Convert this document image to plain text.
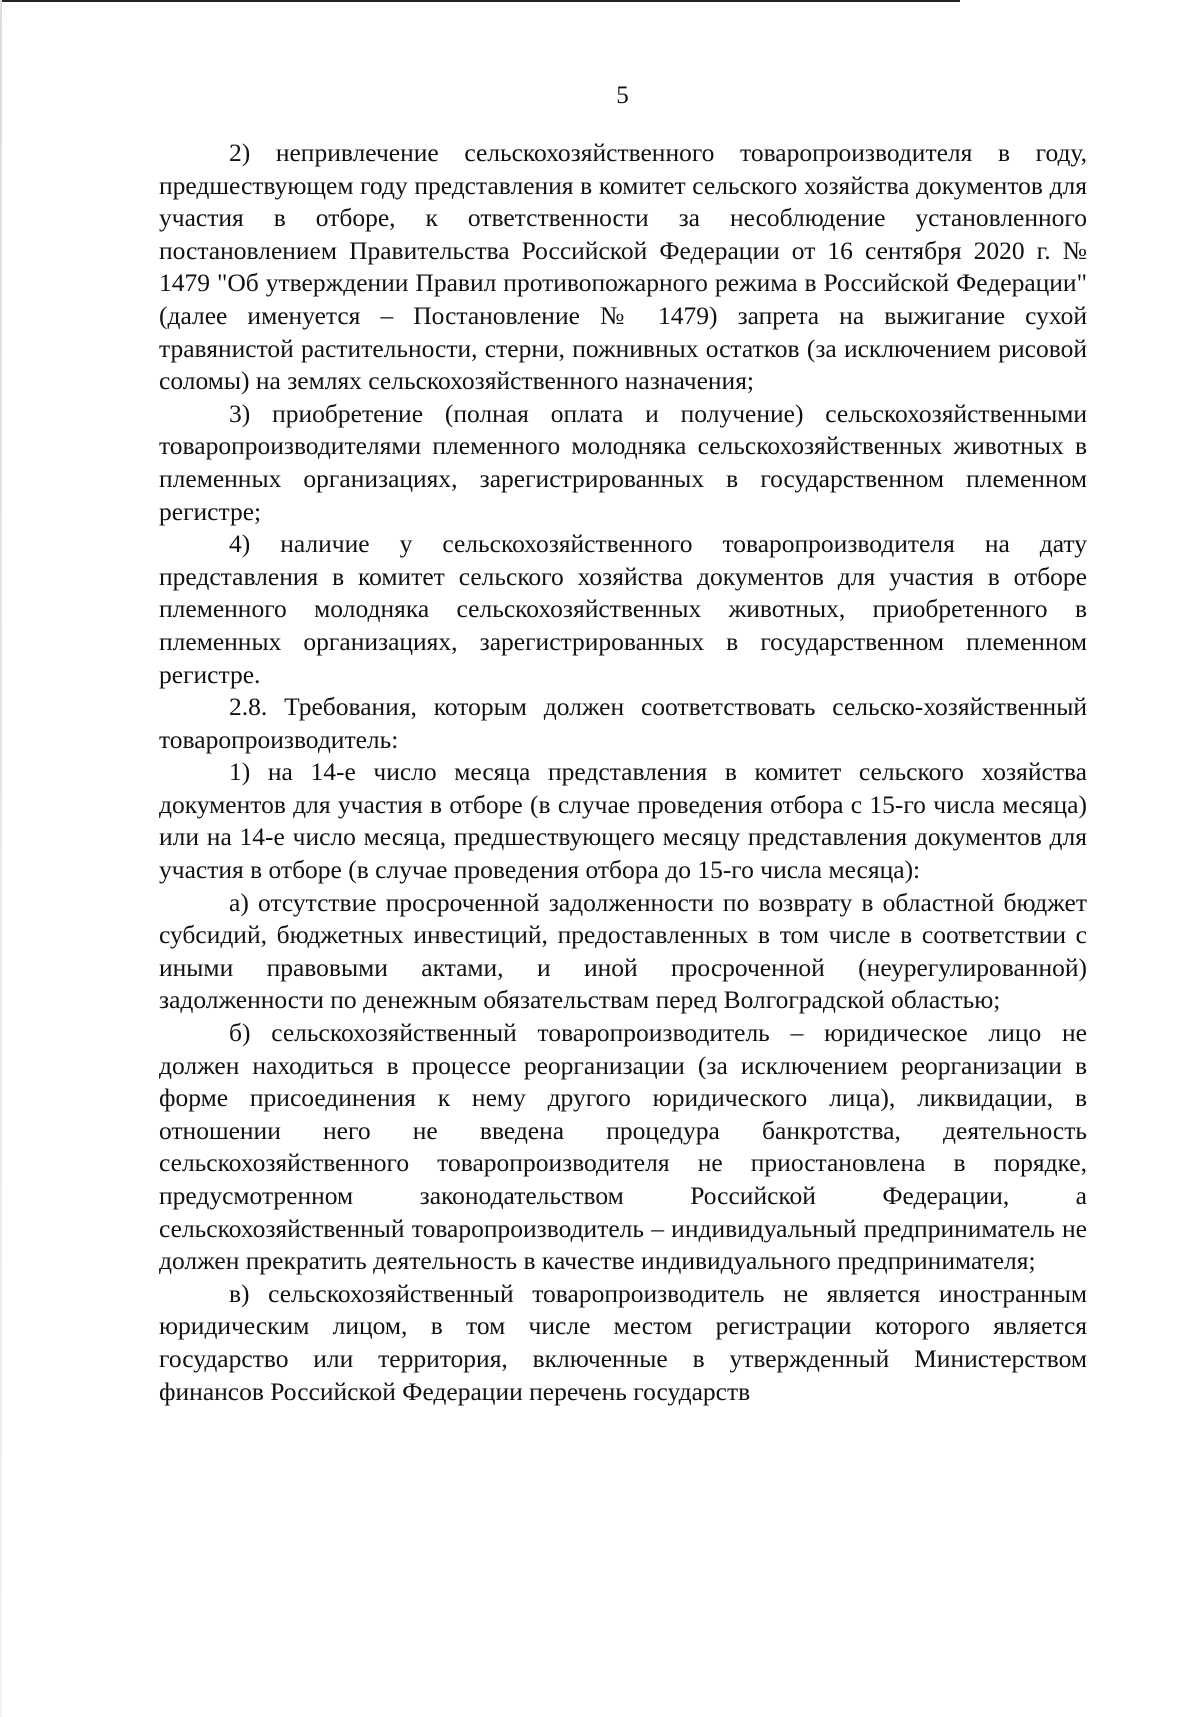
5

2) непривлечение сельскохозяйственного товаропроизводителя в году, предшествующем году представления в комитет сельского хозяйства документов для участия в отборе, к ответственности за несоблюдение установленного постановлением Правительства Российской Федерации от 16 сентября 2020 г. № 1479 "Об утверждении Правил противопожарного режима в Российской Федерации" (далее именуется – Постановление № 1479) запрета на выжигание сухой травянистой растительности, стерни, пожнивных остатков (за исключением рисовой соломы) на землях сельскохозяйственного назначения;

3) приобретение (полная оплата и получение) сельскохозяйственными товаропроизводителями племенного молодняка сельскохозяйственных животных в племенных организациях, зарегистрированных в государственном племенном регистре;

4) наличие у сельскохозяйственного товаропроизводителя на дату представления в комитет сельского хозяйства документов для участия в отборе племенного молодняка сельскохозяйственных животных, приобретенного в племенных организациях, зарегистрированных в государственном племенном регистре.

2.8. Требования, которым должен соответствовать сельско-хозяйственный товаропроизводитель:

1) на 14-е число месяца представления в комитет сельского хозяйства документов для участия в отборе (в случае проведения отбора с 15-го числа месяца) или на 14-е число месяца, предшествующего месяцу представления документов для участия в отборе (в случае проведения отбора до 15-го числа месяца):

а) отсутствие просроченной задолженности по возврату в областной бюджет субсидий, бюджетных инвестиций, предоставленных в том числе в соответствии с иными правовыми актами, и иной просроченной (неурегулированной) задолженности по денежным обязательствам перед Волгоградской областью;

б) сельскохозяйственный товаропроизводитель – юридическое лицо не должен находиться в процессе реорганизации (за исключением реорганизации в форме присоединения к нему другого юридического лица), ликвидации, в отношении него не введена процедура банкротства, деятельность сельскохозяйственного товаропроизводителя не приостановлена в порядке, предусмотренном законодательством Российской Федерации, а сельскохозяйственный товаропроизводитель – индивидуальный предприниматель не должен прекратить деятельность в качестве индивидуального предпринимателя;

в) сельскохозяйственный товаропроизводитель не является иностранным юридическим лицом, в том числе местом регистрации которого является государство или территория, включенные в утвержденный Министерством финансов Российской Федерации перечень государств
